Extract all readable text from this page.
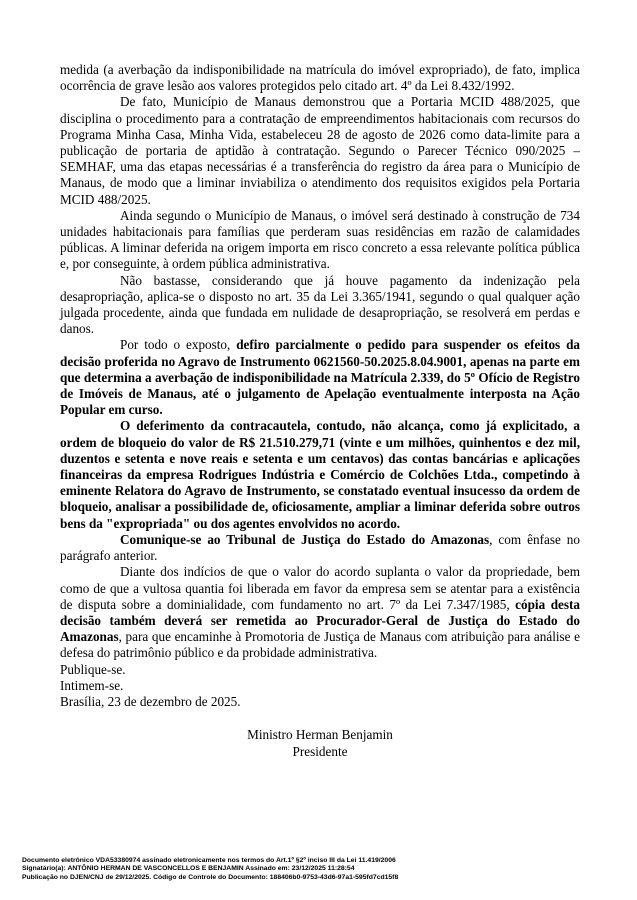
medida (a averbação da indisponibilidade na matrícula do imóvel expropriado), de fato, implica ocorrência de grave lesão aos valores protegidos pelo citado art. 4º da Lei 8.432/1992.

De fato, Município de Manaus demonstrou que a Portaria MCID 488/2025, que disciplina o procedimento para a contratação de empreendimentos habitacionais com recursos do Programa Minha Casa, Minha Vida, estabeleceu 28 de agosto de 2026 como data-limite para a publicação de portaria de aptidão à contratação. Segundo o Parecer Técnico 090/2025 – SEMHAF, uma das etapas necessárias é a transferência do registro da área para o Município de Manaus, de modo que a liminar inviabiliza o atendimento dos requisitos exigidos pela Portaria MCID 488/2025.

Ainda segundo o Município de Manaus, o imóvel será destinado à construção de 734 unidades habitacionais para famílias que perderam suas residências em razão de calamidades públicas. A liminar deferida na origem importa em risco concreto a essa relevante política pública e, por conseguinte, à ordem pública administrativa.

Não bastasse, considerando que já houve pagamento da indenização pela desapropriação, aplica-se o disposto no art. 35 da Lei 3.365/1941, segundo o qual qualquer ação julgada procedente, ainda que fundada em nulidade de desapropriação, se resolverá em perdas e danos.

Por todo o exposto, defiro parcialmente o pedido para suspender os efeitos da decisão proferida no Agravo de Instrumento 0621560-50.2025.8.04.9001, apenas na parte em que determina a averbação de indisponibilidade na Matrícula 2.339, do 5º Ofício de Registro de Imóveis de Manaus, até o julgamento de Apelação eventualmente interposta na Ação Popular em curso.

O deferimento da contracautela, contudo, não alcança, como já explicitado, a ordem de bloqueio do valor de R$ 21.510.279,71 (vinte e um milhões, quinhentos e dez mil, duzentos e setenta e nove reais e setenta e um centavos) das contas bancárias e aplicações financeiras da empresa Rodrigues Indústria e Comércio de Colchões Ltda., competindo à eminente Relatora do Agravo de Instrumento, se constatado eventual insucesso da ordem de bloqueio, analisar a possibilidade de, oficiosamente, ampliar a liminar deferida sobre outros bens da "expropriada" ou dos agentes envolvidos no acordo.

Comunique-se ao Tribunal de Justiça do Estado do Amazonas, com ênfase no parágrafo anterior.

Diante dos indícios de que o valor do acordo suplanta o valor da propriedade, bem como de que a vultosa quantia foi liberada em favor da empresa sem se atentar para a existência de disputa sobre a dominialidade, com fundamento no art. 7º da Lei 7.347/1985, cópia desta decisão também deverá ser remetida ao Procurador-Geral de Justiça do Estado do Amazonas, para que encaminhe à Promotoria de Justiça de Manaus com atribuição para análise e defesa do patrimônio público e da probidade administrativa.

Publique-se.

Intimem-se.

Brasília, 23 de dezembro de 2025.

Ministro Herman Benjamin
Presidente
Documento eletrônico VDA53380974 assinado eletronicamente nos termos do Art.1º §2º inciso III da Lei 11.419/2006
Signatário(a): ANTÔNIO HERMAN DE VASCONCELLOS E BENJAMIN Assinado em: 23/12/2025 11:28:54
Publicação no DJEN/CNJ de 29/12/2025. Código de Controle do Documento: 188406b0-9753-43d6-97a1-595fd7cd15f8
